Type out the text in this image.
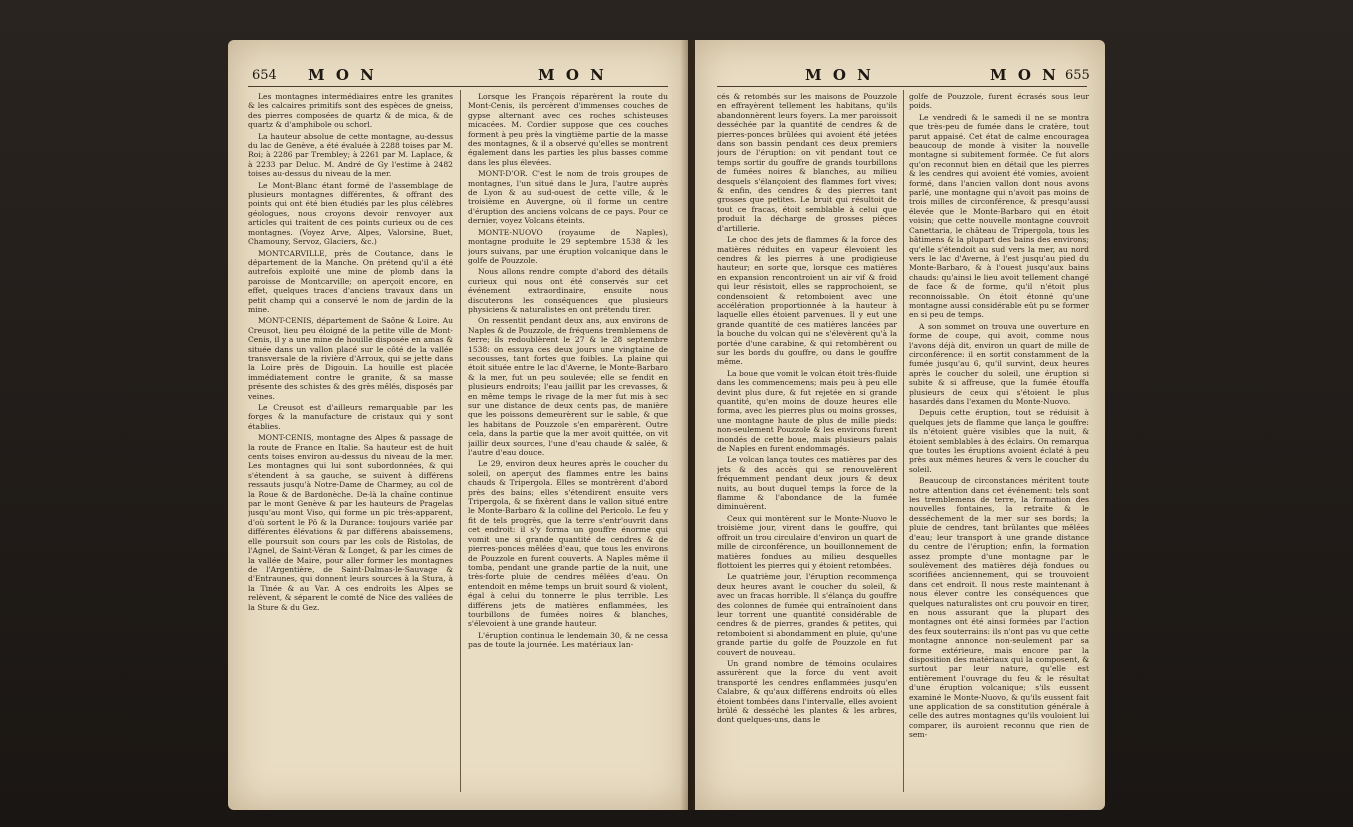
654 M O N	M O N

Les montagnes intermédiaires entre les granites & les calcaires primitifs sont des espèces de gneiss, des pierres composées de quartz & de mica, & de quartz & d'amphibole ou schorl.

La hauteur absolue de cette montagne, au-dessus du lac de Genève, a été évaluée à 2288 toises par M. Roi; à 2286 par Trembley; à 2261 par M. Laplace, & à 2233 par Deluc. M. André de Gy l'estime à 2482 toises au-dessus du niveau de la mer.

Le Mont-Blanc étant formé de l'assemblage de plusieurs montagnes différentes, & offrant des points qui ont été bien étudiés par les plus célèbres géologues, nous croyons devoir renvoyer aux articles qui traitent de ces points curieux ou de ces montagnes. (Voyez Arve, Alpes, Valorsine, Buet, Chamouny, Servoz, Glaciers, &c.)

MONTCARVILLE, près de Coutance, dans le département de la Manche. On prétend qu'il a été autrefois exploité une mine de plomb dans la paroisse de Montcarville; on aperçoit encore, en effet, quelques traces d'anciens travaux dans un petit champ qui a conservé le nom de jardin de la mine.

MONT-CENIS, département de Saône & Loire. Au Creusot, lieu peu éloigné de la petite ville de Mont-Cenis, il y a une mine de houille disposée en amas & située dans un vallon placé sur le côté de la vallée transversale de la rivière d'Arroux, qui se jette dans la Loire près de Digouin. La houille est placée immédiatement contre le granite, & sa masse présente des schistes & des grès mêlés, disposés par veines.

Le Creusot est d'ailleurs remarquable par les forges & la manufacture de cristaux qui y sont établies.

MONT-CENIS, montagne des Alpes & passage de la route de France en Italie. Sa hauteur est de huit cents toises environ au-dessus du niveau de la mer. Les montagnes qui lui sont subordonnées, & qui s'étendent à sa gauche, se suivent à différens ressauts jusqu'à Notre-Dame de Charmey, au col de la Roue & de Bardonèche. De-là la chaîne continue par le mont Genève & par les hauteurs de Pragelas jusqu'au mont Viso, qui forme un pic très-apparent, d'où sortent le Pô & la Durance: toujours variée par différentes élévations & par différens abaissemens, elle poursuit son cours par les cols de Ristolas, de l'Agnel, de Saint-Véran & Longet, & par les cimes de la vallée de Maire, pour aller former les montagnes de l'Argentière, de Saint-Dalmas-le-Sauvage & d'Entraunes, qui donnent leurs sources à la Stura, à la Tinée & au Var. A ces endroits les Alpes se relèvent, & séparent le comté de Nice des vallées de la Sture & du Gez.

Lorsque les François réparèrent la route du Mont-Cenis, ils percèrent d'immenses couches de gypse alternant avec ces roches schisteuses micacées. M. Cordier suppose que ces couches forment à peu près la vingtième partie de la masse des montagnes, & il a observé qu'elles se montrent également dans les parties les plus basses comme dans les plus élevées.

MONT-D'OR. C'est le nom de trois groupes de montagnes, l'un situé dans le Jura, l'autre auprès de Lyon & au sud-ouest de cette ville, & le troisième en Auvergne, où il forme un centre d'éruption des anciens volcans de ce pays. Pour ce dernier, voyez Volcans éteints.

MONTE-NUOVO (royaume de Naples), montagne produite le 29 septembre 1538 & les jours suivans, par une éruption volcanique dans le golfe de Pouzzole.

Nous allons rendre compte d'abord des détails curieux qui nous ont été conservés sur cet événement extraordinaire, ensuite nous discuterons les conséquences que plusieurs physiciens & naturalistes en ont prétendu tirer.

On ressentit pendant deux ans, aux environs de Naples & de Pouzzole, de fréquens tremblemens de terre; ils redoublèrent le 27 & le 28 septembre 1538: on essuya ces deux jours une vingtaine de secousses, tant fortes que foibles. La plaine qui étoit située entre le lac d'Averne, le Monte-Barbaro & la mer, fut un peu soulevée; elle se fendit en plusieurs endroits; l'eau jaillit par les crevasses, & en même temps le rivage de la mer fut mis à sec sur une distance de deux cents pas, de manière que les poissons demeurèrent sur le sable, & que les habitans de Pouzzole s'en emparèrent. Outre cela, dans la partie que la mer avoit quittée, on vit jaillir deux sources, l'une d'eau chaude & salée, & l'autre d'eau douce.

Le 29, environ deux heures après le coucher du soleil, on aperçut des flammes entre les bains chauds & Tripergola. Elles se montrèrent d'abord près des bains; elles s'étendirent ensuite vers Tripergola, & se fixèrent dans le vallon situé entre le Monte-Barbaro & la colline del Pericolo. Le feu y fit de tels progrès, que la terre s'entr'ouvrit dans cet endroit: il s'y forma un gouffre énorme qui vomit une si grande quantité de cendres & de pierres-ponces mêlées d'eau, que tous les environs de Pouzzole en furent couverts. A Naples même il tomba, pendant une grande partie de la nuit, une très-forte pluie de cendres mêlées d'eau. On entendoit en même temps un bruit sourd & violent, égal à celui du tonnerre le plus terrible. Les différens jets de matières enflammées, les tourbillons de fumées noires & blanches, s'élevoient à une grande hauteur.

L'éruption continua le lendemain 30, & ne cessa pas de toute la journée. Les matériaux lan-

M O N	M O N 655

cés & retombés sur les maisons de Pouzzole en effrayèrent tellement les habitans, qu'ils abandonnèrent leurs foyers. La mer paroissoit desséchée par la quantité de cendres & de pierres-ponces brûlées qui avoient été jetées dans son bassin pendant ces deux premiers jours de l'éruption: on vit pendant tout ce temps sortir du gouffre de grands tourbillons de fumées noires & blanches, au milieu desquels s'élançoient des flammes fort vives; & enfin, des cendres & des pierres tant grosses que petites. Le bruit qui résultoit de tout ce fracas, étoit semblable à celui que produit la décharge de grosses pièces d'artillerie.

Le choc des jets de flammes & la force des matières réduites en vapeur élevoient les cendres & les pierres à une prodigieuse hauteur; en sorte que, lorsque ces matières en expansion rencontroient un air vif & froid qui leur résistoit, elles se rapprochoient, se condensoient & retomboient avec une accélération proportionnée à la hauteur à laquelle elles étoient parvenues. Il y eut une grande quantité de ces matières lancées par la bouche du volcan qui ne s'élevèrent qu'à la portée d'une carabine, & qui retombèrent ou sur les bords du gouffre, ou dans le gouffre même.

La boue que vomit le volcan étoit très-fluide dans les commencemens; mais peu à peu elle devint plus dure, & fut rejetée en si grande quantité, qu'en moins de douze heures elle forma, avec les pierres plus ou moins grosses, une montagne haute de plus de mille pieds: non-seulement Pouzzole & les environs furent inondés de cette boue, mais plusieurs palais de Naples en furent endommagés.

Le volcan lança toutes ces matières par des jets & des accès qui se renouvelèrent fréquemment pendant deux jours & deux nuits, au bout duquel temps la force de la flamme & l'abondance de la fumée diminuèrent.

Ceux qui montèrent sur le Monte-Nuovo le troisième jour, virent dans le gouffre, qui offroit un trou circulaire d'environ un quart de mille de circonférence, un bouillonnement de matières fondues au milieu desquelles flottoient les pierres qui y étoient retombées.

Le quatrième jour, l'éruption recommença deux heures avant le coucher du soleil, & avec un fracas horrible. Il s'élança du gouffre des colonnes de fumée qui entraînoient dans leur torrent une quantité considérable de cendres & de pierres, grandes & petites, qui retomboient si abondamment en pluie, qu'une grande partie du golfe de Pouzzole en fut couvert de nouveau.

Un grand nombre de témoins oculaires assurèrent que la force du vent avoit transporté les cendres enflammées jusqu'en Calabre, & qu'aux différens endroits où elles étoient tombées dans l'intervalle, elles avoient brûlé & desséché les plantes & les arbres, dont quelques-uns, dans le

golfe de Pouzzole, furent écrasés sous leur poids.

Le vendredi & le samedi il ne se montra que très-peu de fumée dans le cratère, tout parut appaisé. Cet état de calme encouragea beaucoup de monde à visiter la nouvelle montagne si subitement formée. Ce fut alors qu'on reconnut bien en détail que les pierres & les cendres qui avoient été vomies, avoient formé, dans l'ancien vallon dont nous avons parlé, une montagne qui n'avoit pas moins de trois milles de circonférence, & presqu'aussi élevée que le Monte-Barbaro qui en étoit voisin; que cette nouvelle montagne couvroit Canettaria, le château de Tripergola, tous les bâtimens & la plupart des bains des environs; qu'elle s'étendoit au sud vers la mer, au nord vers le lac d'Averne, à l'est jusqu'au pied du Monte-Barbaro, & à l'ouest jusqu'aux bains chauds: qu'ainsi le lieu avoit tellement changé de face & de forme, qu'il n'étoit plus reconnoissable. On étoit étonné qu'une montagne aussi considérable eût pu se former en si peu de temps.

A son sommet on trouva une ouverture en forme de coupe, qui avoit, comme nous l'avons déjà dit, environ un quart de mille de circonférence: il en sortit constamment de la fumée jusqu'au 6, qu'il survint, deux heures après le coucher du soleil, une éruption si subite & si affreuse, que la fumée étouffa plusieurs de ceux qui s'étoient le plus hasardés dans l'examen du Monte-Nuovo.

Depuis cette éruption, tout se réduisit à quelques jets de flamme que lança le gouffre: ils n'étoient guère visibles que la nuit, & étoient semblables à des éclairs. On remarqua que toutes les éruptions avoient éclaté à peu près aux mêmes heures & vers le coucher du soleil.

Beaucoup de circonstances méritent toute notre attention dans cet événement: tels sont les tremblemens de terre, la formation des nouvelles fontaines, la retraite & le desséchement de la mer sur ses bords; la pluie de cendres, tant brûlantes que mêlées d'eau; leur transport à une grande distance du centre de l'éruption; enfin, la formation assez prompte d'une montagne par le soulèvement des matières déjà fondues ou scorifiées anciennement, qui se trouvoient dans cet endroit. Il nous reste maintenant à nous élever contre les conséquences que quelques naturalistes ont cru pouvoir en tirer, en nous assurant que la plupart des montagnes ont été ainsi formées par l'action des feux souterrains: ils n'ont pas vu que cette montagne annonce non-seulement par sa forme extérieure, mais encore par la disposition des matériaux qui la composent, & surtout par leur nature, qu'elle est entièrement l'ouvrage du feu & le résultat d'une éruption volcanique; s'ils eussent examiné le Monte-Nuovo, & qu'ils eussent fait une application de sa constitution générale à celle des autres montagnes qu'ils vouloient lui comparer, ils auroient reconnu que rien de sem-
